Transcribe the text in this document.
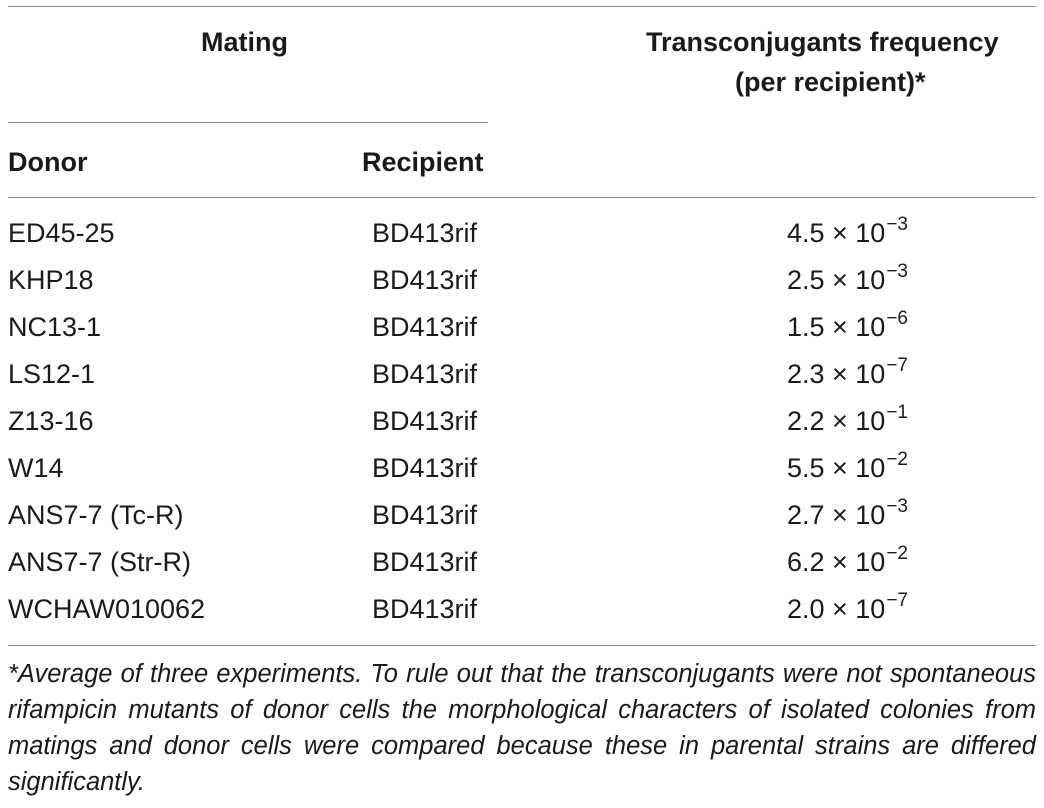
Mating	Transconjugants frequency
(per recipient)*
Donor	Recipient
ED45-25	BD413rif	$4.5 \times 10^{-3}$
KHP18	BD413rif	$2.5 \times 10^{-3}$
NC13-1	BD413rif	$1.5 \times 10^{-6}$
LS12-1	BD413rif	$2.3 \times 10^{-7}$
Z13-16	BD413rif	$2.2 \times 10^{-1}$
W14	BD413rif	$5.5 \times 10^{-2}$
ANS7-7 (Tc-R)	BD413rif	$2.7 \times 10^{-3}$
ANS7-7 (Str-R)	BD413rif	$6.2 \times 10^{-2}$
WCHAW010062	BD413rif	$2.0 \times 10^{-7}$
*Average of three experiments. To rule out that the transconjugants were not spontaneous rifampicin mutants of donor cells the morphological characters of isolated colonies from matings and donor cells were compared because these in parental strains are differed significantly.
